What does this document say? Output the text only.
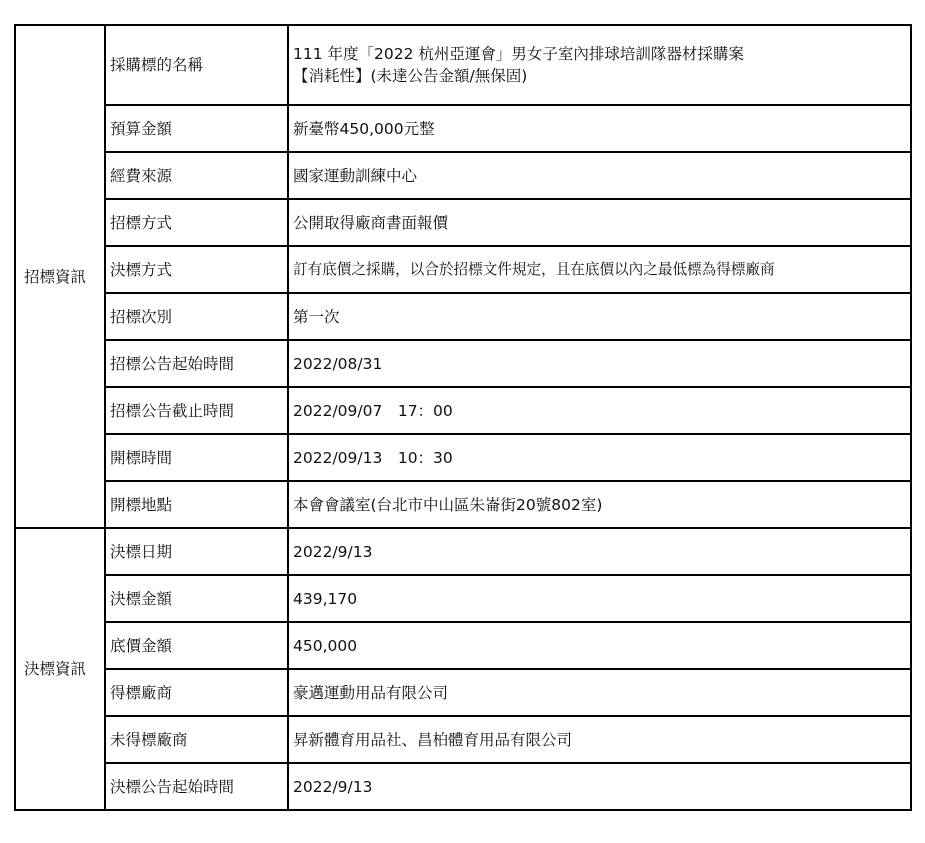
招標資訊	採購標的名稱	111 年度「2022 杭州亞運會」男女子室內排球培訓隊器材採購案
【消耗性】(未達公告金額/無保固)

	預算金額	新臺幣450,000元整
	經費來源	國家運動訓練中心
	招標方式	公開取得廠商書面報價
	決標方式	訂有底價之採購，以合於招標文件規定，且在底價以內之最低標為得標廠商
	招標次別	第一次
	招標公告起始時間	2022/08/31
	招標公告截止時間	2022/09/07　17：00
	開標時間	2022/09/13　10：30
	開標地點	本會會議室(台北市中山區朱崙街20號802室)
決標資訊	決標日期	2022/9/13
	決標金額	439,170
	底價金額	450,000
	得標廠商	豪邁運動用品有限公司
	未得標廠商	昇新體育用品社、昌柏體育用品有限公司
	決標公告起始時間	2022/9/13
